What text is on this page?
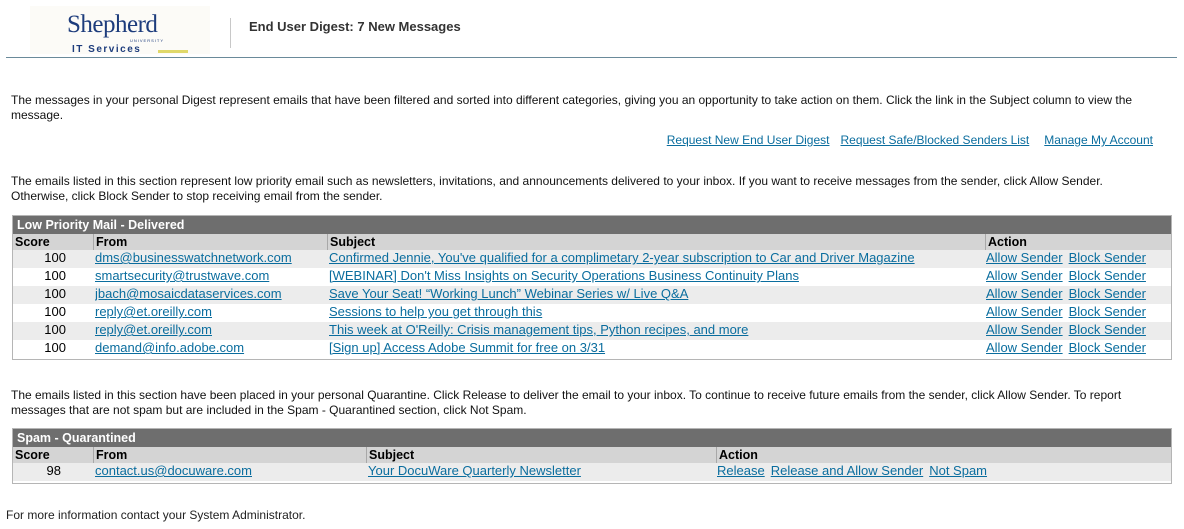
Shepherd
UNIVERSITY
IT Services
End User Digest: 7 New Messages
The messages in your personal Digest represent emails that have been filtered and sorted into different categories, giving you an opportunity to take action on them. Click the link in the Subject column to view the message.
Request New End User Digest Request Safe/Blocked Senders List Manage My Account
The emails listed in this section represent low priority email such as newsletters, invitations, and announcements delivered to your inbox. If you want to receive messages from the sender, click Allow Sender. Otherwise, click Block Sender to stop receiving email from the sender.
Low Priority Mail - Delivered
Score	From	Subject	Action
100 dms@businesswatchnetwork.com	Confirmed Jennie, You've qualified for a complimetary 2-year subscription to Car and Driver Magazine	Allow Sender Block Sender
100 smartsecurity@trustwave.com	[WEBINAR] Don't Miss Insights on Security Operations Business Continuity Plans	Allow Sender Block Sender
100 jbach@mosaicdataservices.com	Save Your Seat! “Working Lunch” Webinar Series w/ Live Q&A	Allow Sender Block Sender
100 reply@et.oreilly.com	Sessions to help you get through this	Allow Sender Block Sender
100 reply@et.oreilly.com	This week at O'Reilly: Crisis management tips, Python recipes, and more	Allow Sender Block Sender
100 demand@info.adobe.com	[Sign up] Access Adobe Summit for free on 3/31	Allow Sender Block Sender
The emails listed in this section have been placed in your personal Quarantine. Click Release to deliver the email to your inbox. To continue to receive future emails from the sender, click Allow Sender. To report messages that are not spam but are included in the Spam - Quarantined section, click Not Spam.
Spam - Quarantined
Score	From	Subject	Action
98	contact.us@docuware.com	Your DocuWare Quarterly Newsletter	Release Release and Allow Sender Not Spam
For more information contact your System Administrator.
